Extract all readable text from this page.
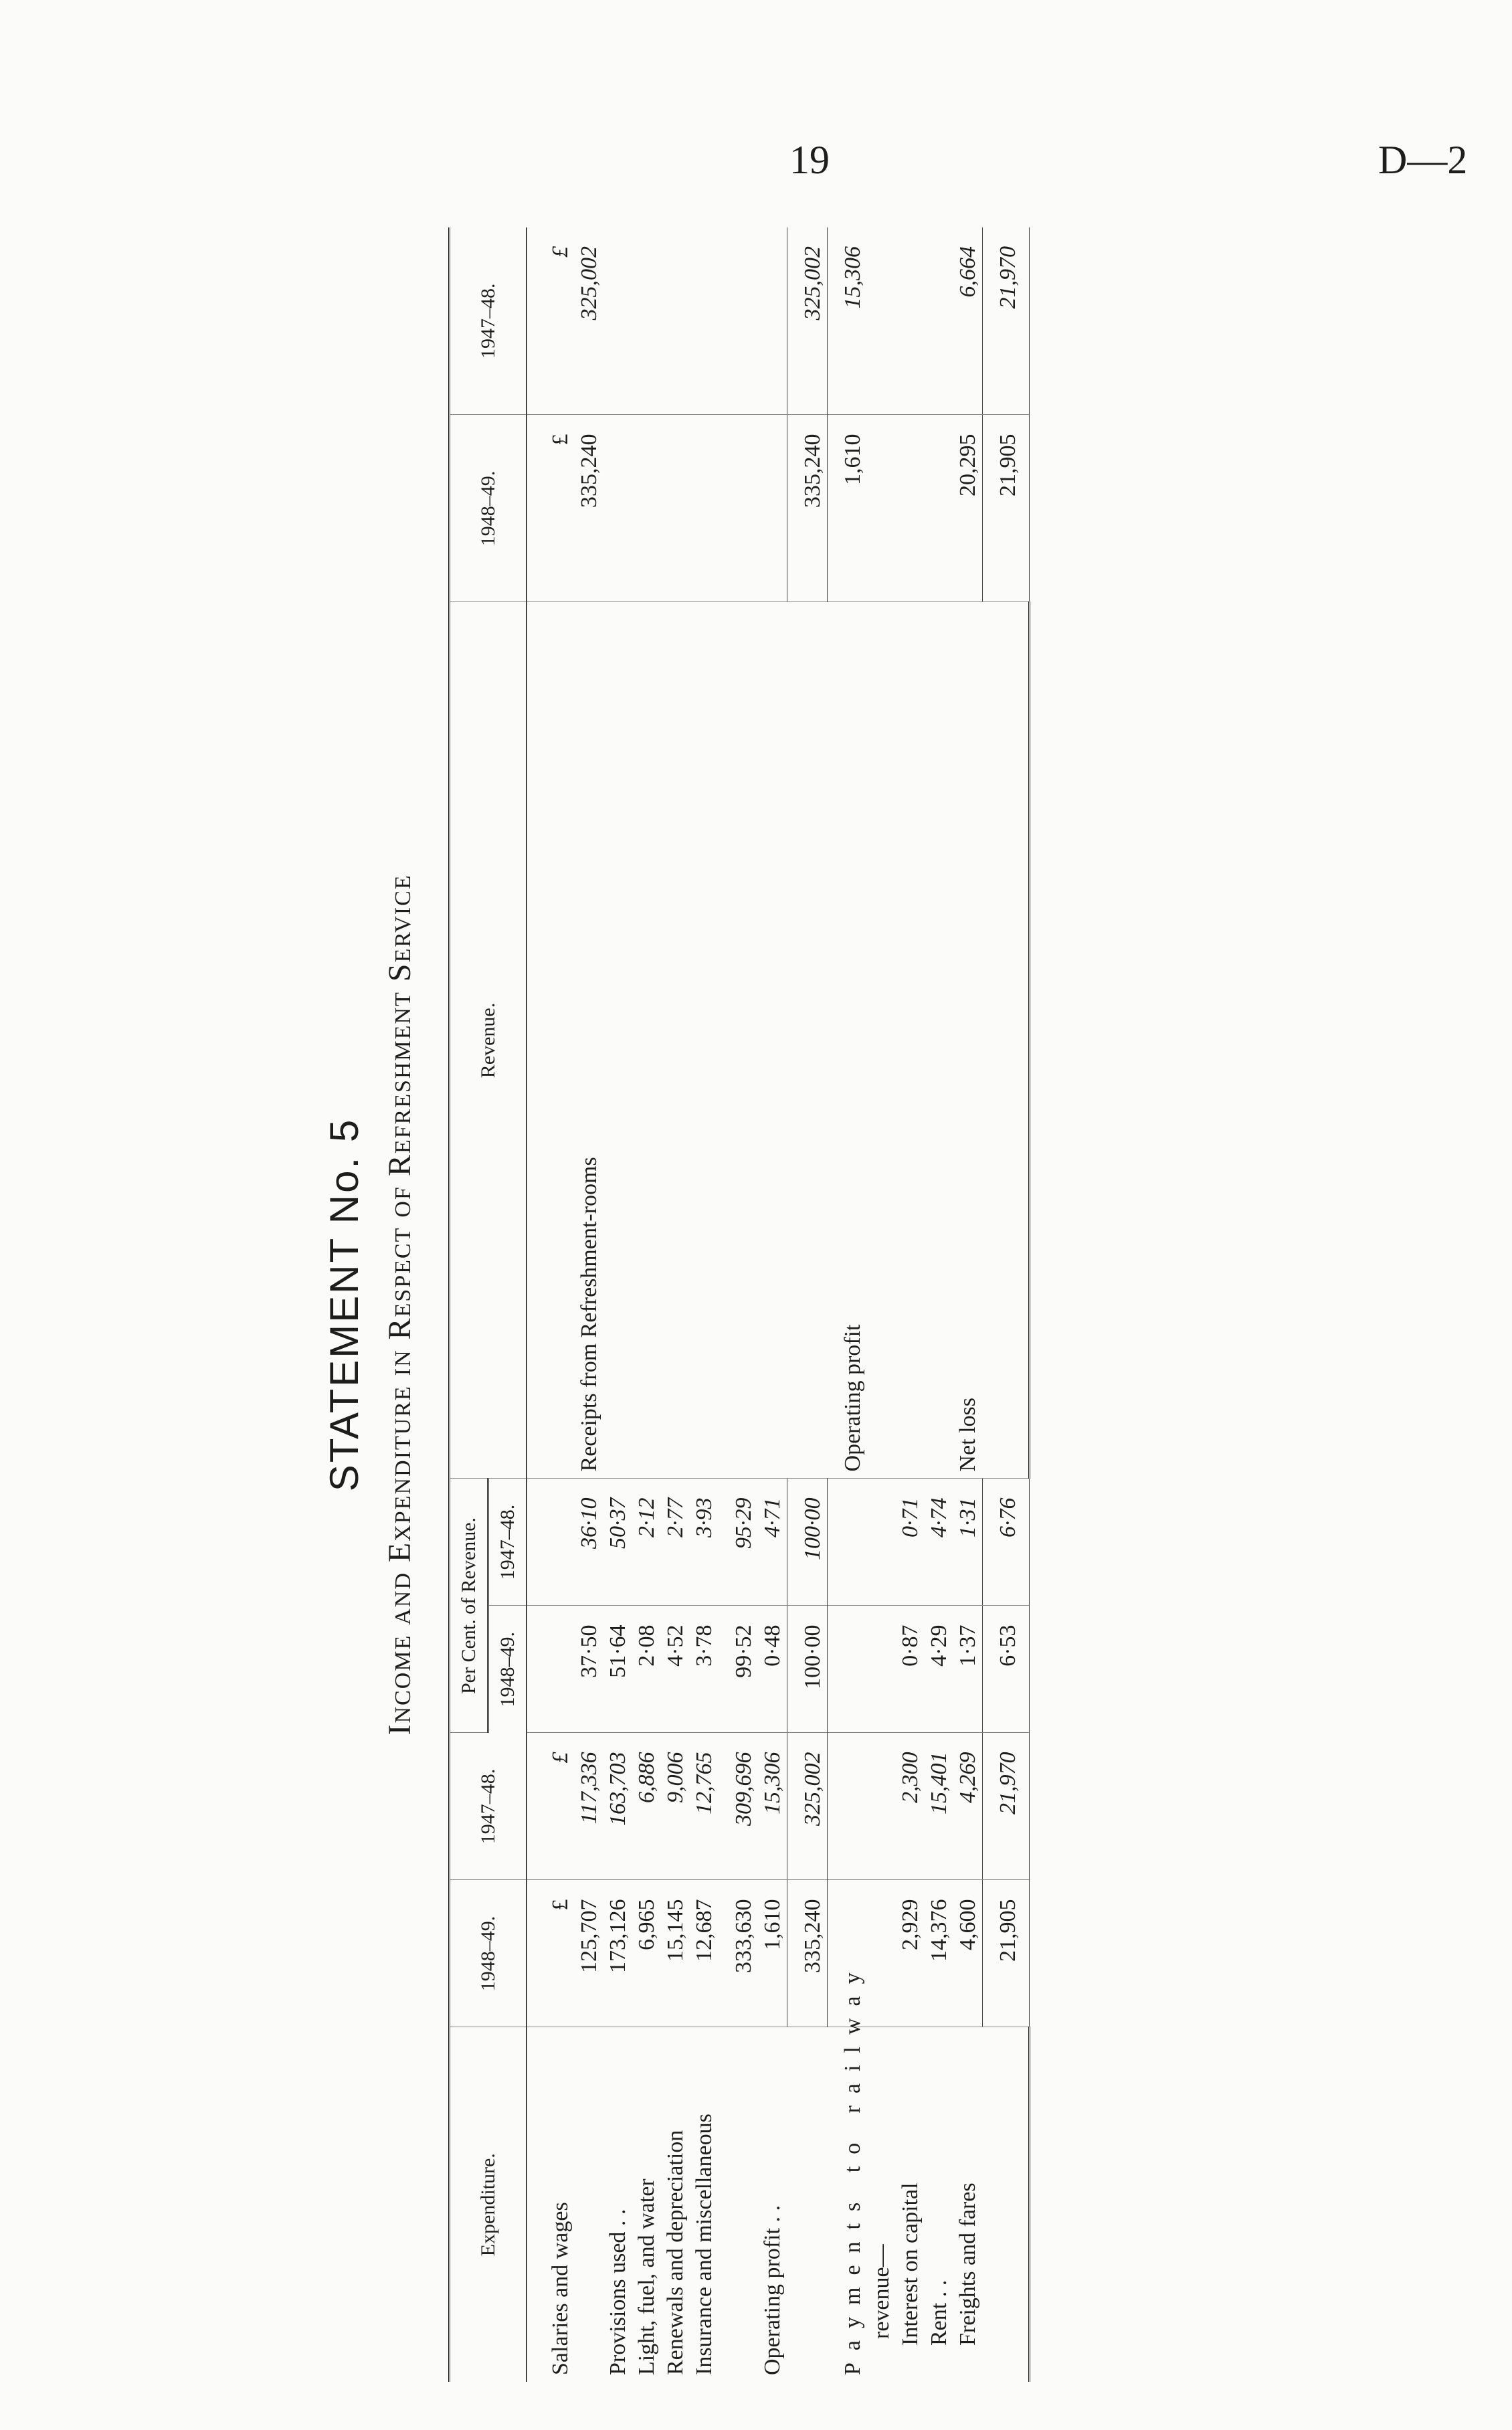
19	D—2
STATEMENT No. 5 Income and Expenditure in Respect of Refreshment Service
Expenditure.	1948–49.	1947–48.	Per Cent. of Revenue.		Revenue.	1948–49.	1947–48.
			1948–49.	1947–48.			
Salaries and wages	£ 125,707	£ 117,336	37·50	36·10	Receipts from Refreshment-rooms	£ 335,240	£ 325,002
Provisions used . .	173,126	163,703	51·64	50·37			
Light, fuel, and water	6,965	6,886	2·08	2·12			
Renewals and depreciation	15,145	9,006	4·52	2·77			
Insurance and miscellaneous	12,687	12,765	3·78	3·93			
	333,630	309,696	99·52	95·29			
Operating profit . .	1,610	15,306	0·48	4·71			
	335,240	325,002	100·00	100·00		335,240	325,002
Payments to railway revenue—					Operating profit	1,610	15,306
Interest on capital	2,929	2,300	0·87	0·71			
Rent . .	14,376	15,401	4·29	4·74			
Freights and fares	4,600	4,269	1·37	1·31	Net loss	20,295	6,664
	21,905	21,970	6·53	6·76		21,905	21,970
